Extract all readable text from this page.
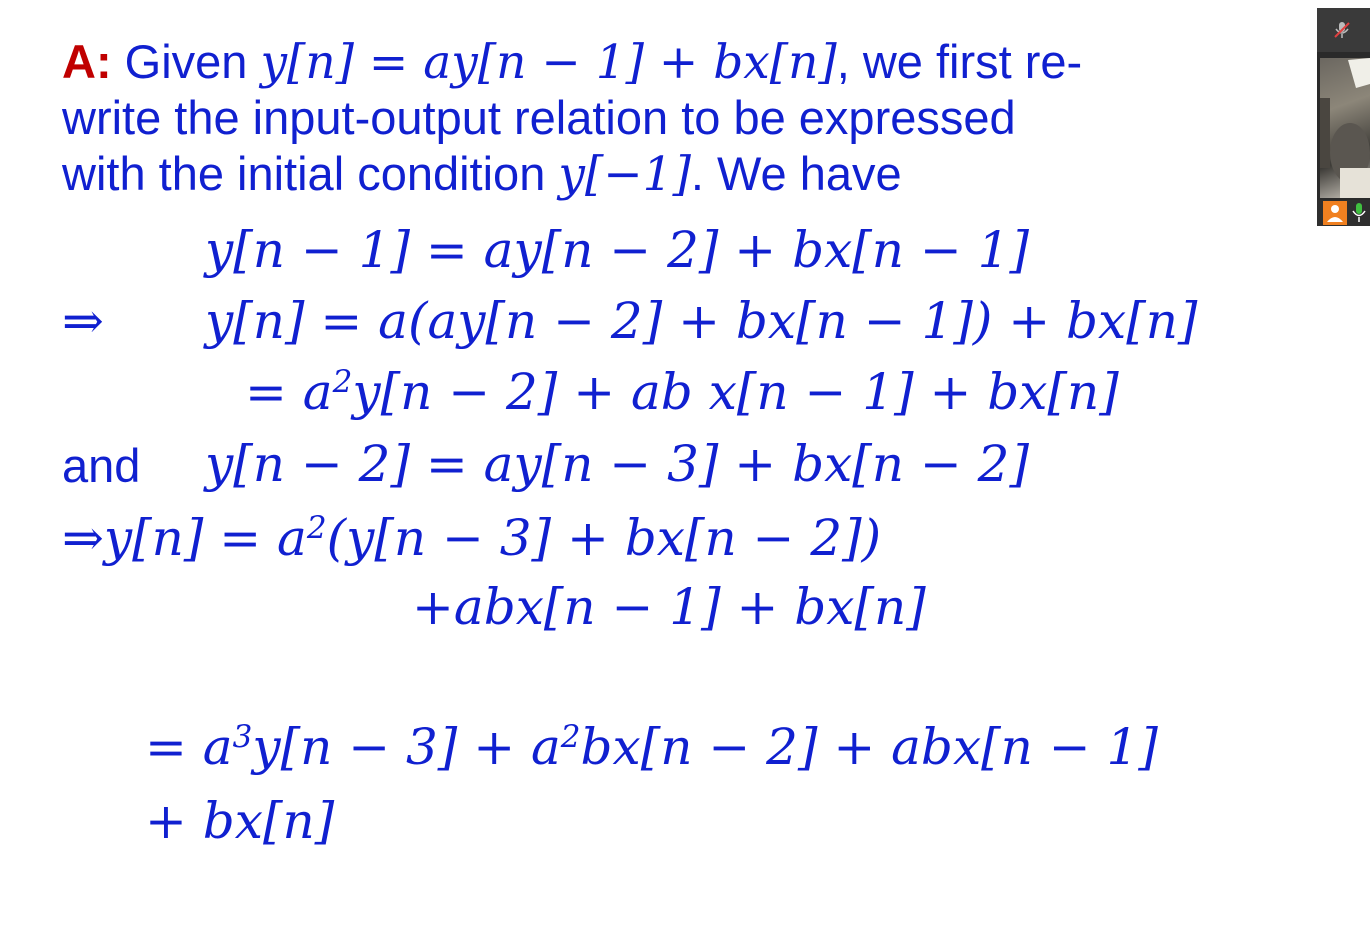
A: Given y[n] = ay[n − 1] + bx[n], we first re-
write the input-output relation to be expressed
with the initial condition y[−1]. We have
y[n − 1] = ay[n − 2] + bx[n − 1]
⇒ y[n] = a(ay[n − 2] + bx[n − 1]) + bx[n]
= $a^2y[n - 2]$ + ab x[n − 1] + bx[n]
and y[n − 2] = ay[n − 3] + bx[n − 2]
⇒y[n] = $a^2(y[n - 3] + bx[n - 2])$
+abx[n − 1] + bx[n]
= $a^3y[n - 3] + a^2bx[n - 2] + abx[n - 1]$
+ bx[n]
